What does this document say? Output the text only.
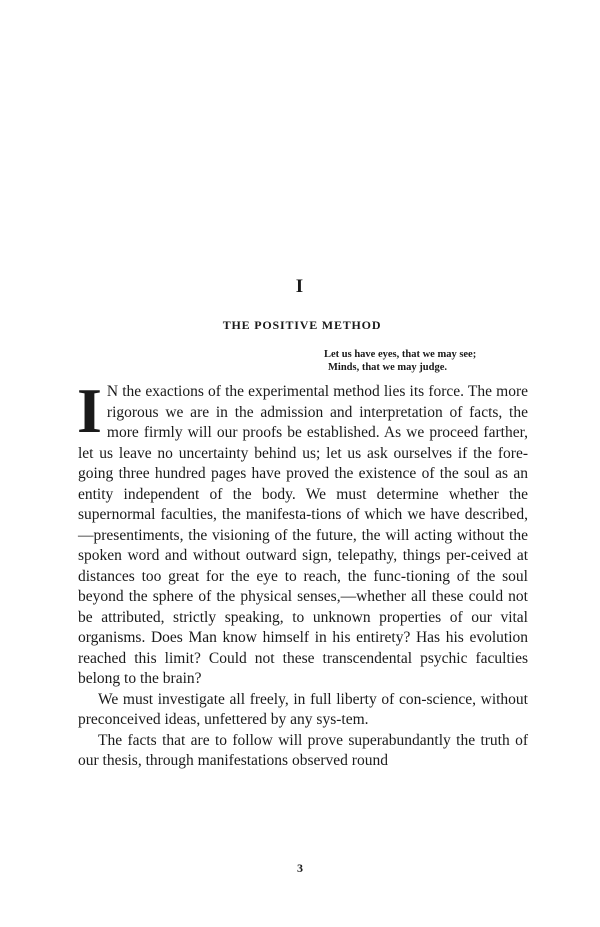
I
THE POSITIVE METHOD
Let us have eyes, that we may see;
Minds, that we may judge.

I N the exactions of the experimental method lies its force. The more rigorous we are in the admission and interpretation of facts, the more firmly will our proofs be established. As we proceed farther, let us leave no uncertainty behind us; let us ask ourselves if the fore-going three hundred pages have proved the existence of the soul as an entity independent of the body. We must determine whether the supernormal faculties, the manifesta-tions of which we have described,—presentiments, the visioning of the future, the will acting without the spoken word and without outward sign, telepathy, things per-ceived at distances too great for the eye to reach, the func-tioning of the soul beyond the sphere of the physical senses,—whether all these could not be attributed, strictly speaking, to unknown properties of our vital organisms. Does Man know himself in his entirety? Has his evolution reached this limit? Could not these transcendental psychic faculties belong to the brain?

We must investigate all freely, in full liberty of con-science, without preconceived ideas, unfettered by any sys-tem.

The facts that are to follow will prove superabundantly the truth of our thesis, through manifestations observed round

3
